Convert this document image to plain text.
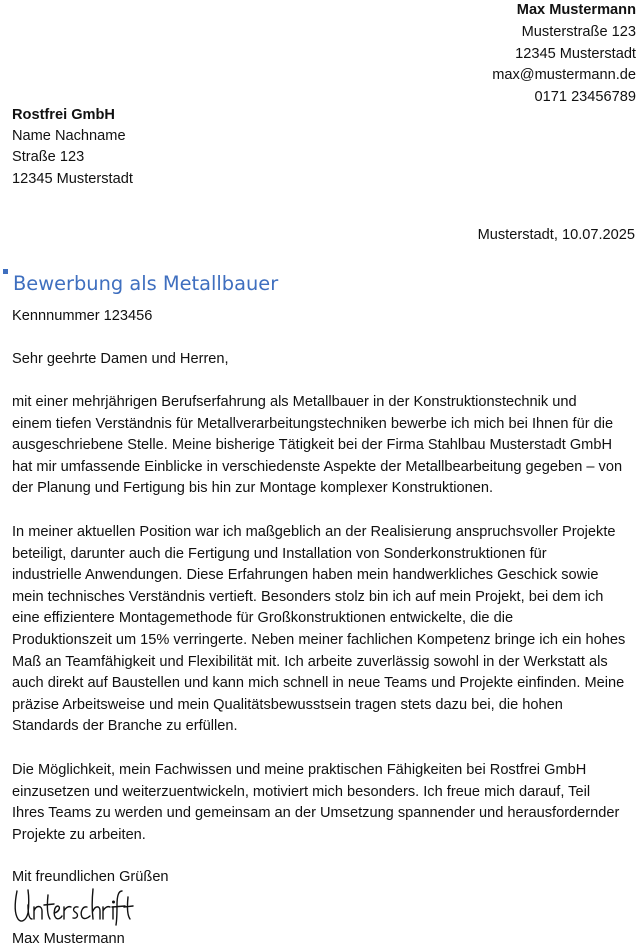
Max Mustermann
Musterstraße 123
12345 Musterstadt
max@mustermann.de
0171 23456789
Rostfrei GmbH
Name Nachname
Straße 123
12345 Musterstadt
Musterstadt, 10.07.2025
Bewerbung als Metallbauer
Kennnummer 123456
Sehr geehrte Damen und Herren,
mit einer mehrjährigen Berufserfahrung als Metallbauer in der Konstruktionstechnik und
einem tiefen Verständnis für Metallverarbeitungstechniken bewerbe ich mich bei Ihnen für die
ausgeschriebene Stelle. Meine bisherige Tätigkeit bei der Firma Stahlbau Musterstadt GmbH
hat mir umfassende Einblicke in verschiedenste Aspekte der Metallbearbeitung gegeben – von
der Planung und Fertigung bis hin zur Montage komplexer Konstruktionen.
In meiner aktuellen Position war ich maßgeblich an der Realisierung anspruchsvoller Projekte
beteiligt, darunter auch die Fertigung und Installation von Sonderkonstruktionen für
industrielle Anwendungen. Diese Erfahrungen haben mein handwerkliches Geschick sowie
mein technisches Verständnis vertieft. Besonders stolz bin ich auf mein Projekt, bei dem ich
eine effizientere Montagemethode für Großkonstruktionen entwickelte, die die
Produktionszeit um 15% verringerte. Neben meiner fachlichen Kompetenz bringe ich ein hohes
Maß an Teamfähigkeit und Flexibilität mit. Ich arbeite zuverlässig sowohl in der Werkstatt als
auch direkt auf Baustellen und kann mich schnell in neue Teams und Projekte einfinden. Meine
präzise Arbeitsweise und mein Qualitätsbewusstsein tragen stets dazu bei, die hohen
Standards der Branche zu erfüllen.
Die Möglichkeit, mein Fachwissen und meine praktischen Fähigkeiten bei Rostfrei GmbH
einzusetzen und weiterzuentwickeln, motiviert mich besonders. Ich freue mich darauf, Teil
Ihres Teams zu werden und gemeinsam an der Umsetzung spannender und herausfordernder
Projekte zu arbeiten.
Mit freundlichen Grüßen
Max Mustermann
